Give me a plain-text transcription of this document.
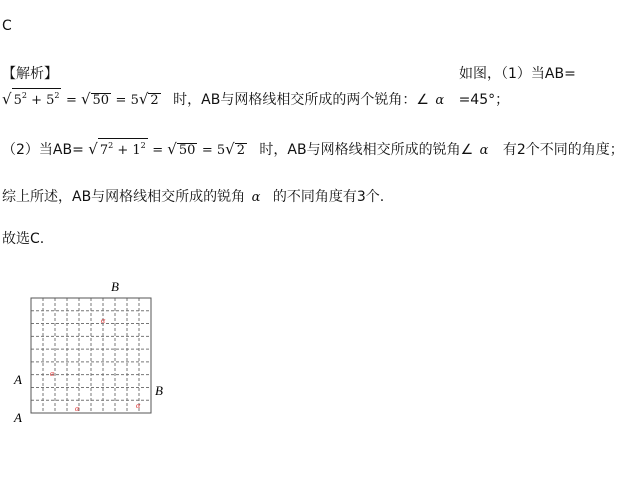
C
【解析】	如图，（1）当AB=
√ $5^2 + 5^2$ = √ 50 = 5√ 2 时，AB与网格线相交所成的两个锐角：∠ α =45°；
（2）当AB= √ $7^2 + 1^2$ = √ 50 = 5√ 2 时，AB与网格线相交所成的锐角∠ α 有2个不同的角度；
综上所述，AB与网格线相交所成的锐角 α 的不同角度有3个.
故选C.
α
α
α	α
B
A
B
A
